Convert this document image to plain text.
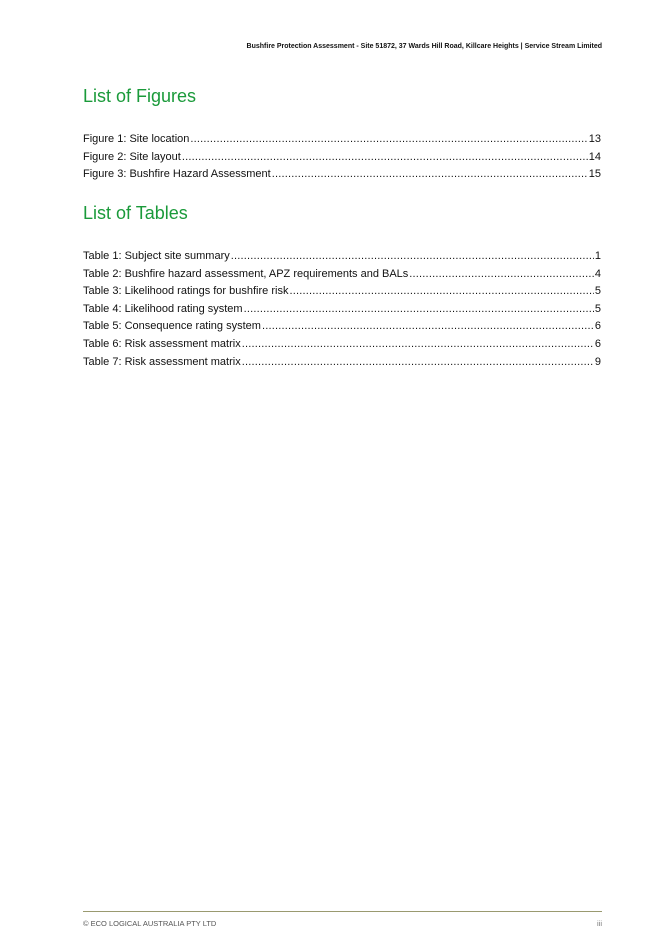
Bushfire Protection Assessment - Site 51872, 37 Wards Hill Road, Killcare Heights | Service Stream Limited
List of Figures
Figure 1: Site location .....	13
Figure 2: Site layout .....	14
Figure 3: Bushfire Hazard Assessment .....	15
List of Tables
Table 1: Subject site summary .....	1
Table 2: Bushfire hazard assessment, APZ requirements and BALs .....	4
Table 3: Likelihood ratings for bushfire risk .....	5
Table 4: Likelihood rating system .....	5
Table 5: Consequence rating system .....	6
Table 6: Risk assessment matrix .....	6
Table 7: Risk assessment matrix .....	9
© ECO LOGICAL AUSTRALIA PTY LTD	iii
